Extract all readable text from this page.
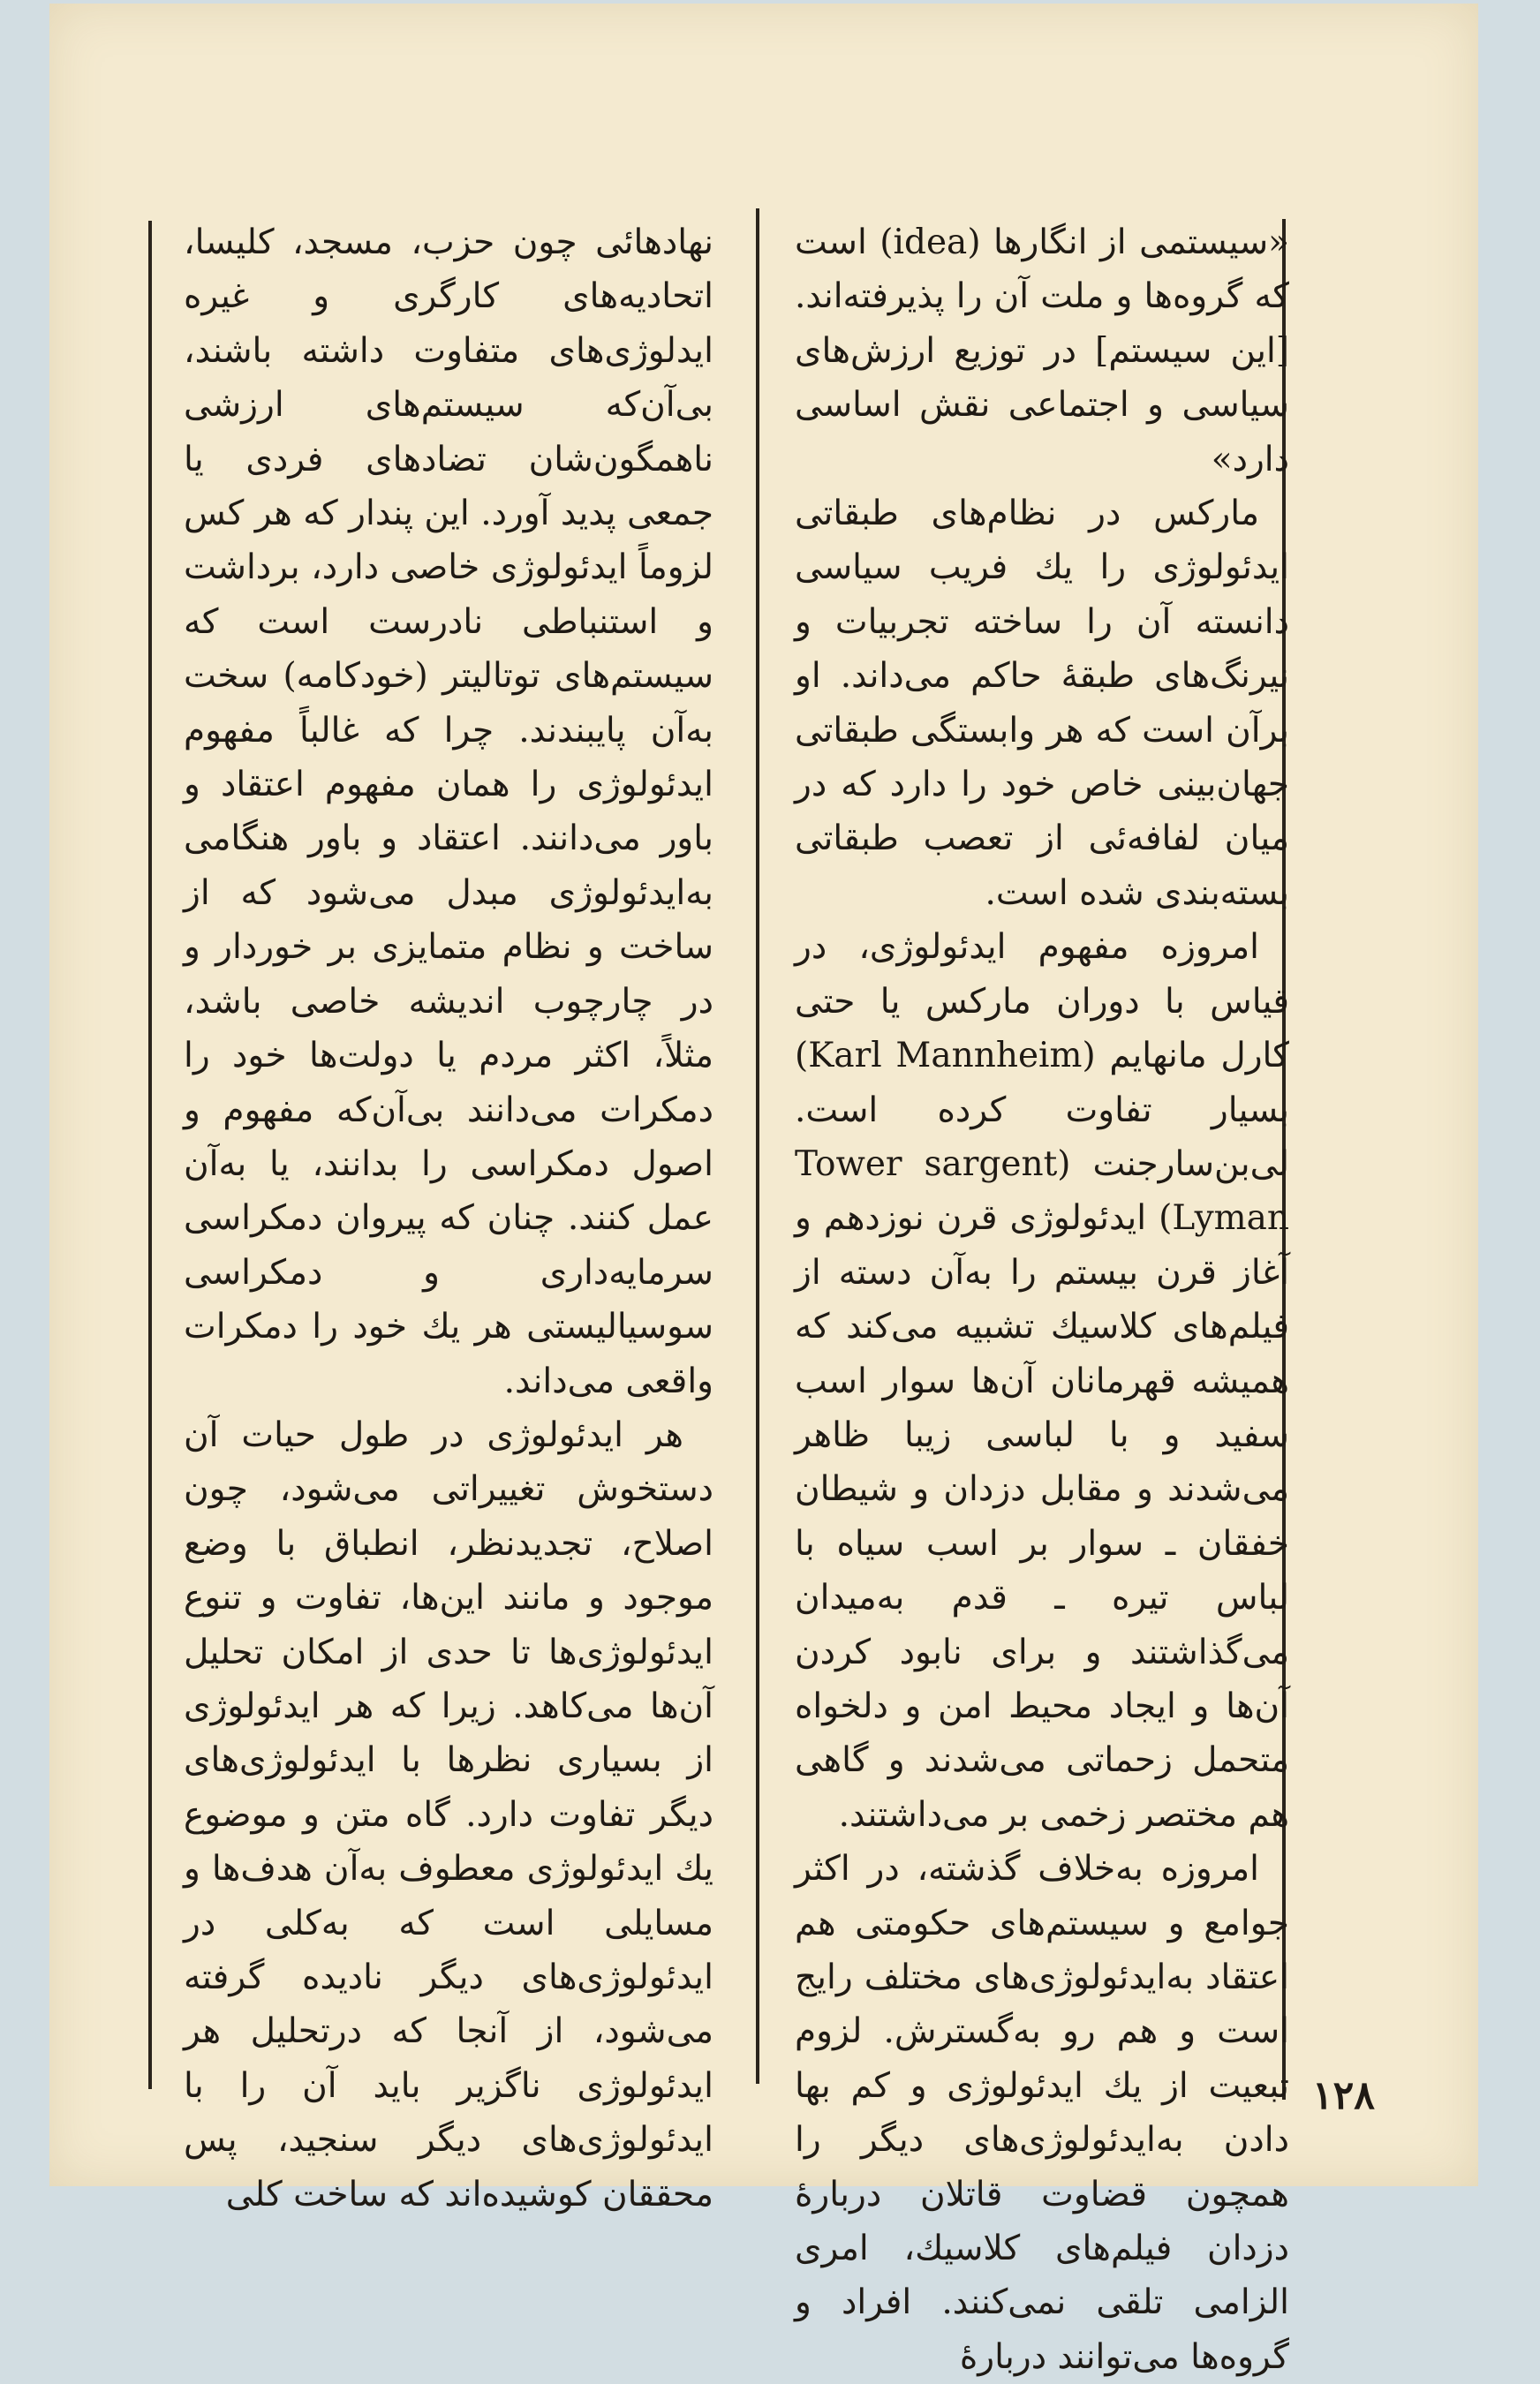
«سیستمی از انگارها (idea) است که گروه‌ها و ملت آن را پذیرفته‌اند. [این سیستم] در توزیع ارزش‌های سیاسی و اجتماعی نقش اساسی دارد»

مارکس در نظام‌های طبقاتی ایدئولوژی را یك فریب سیاسی دانسته آن را ساخته تجربیات و نیرنگ‌های طبقهٔ حاکم می‌داند. او برآن است که هر وابستگی طبقاتی جهان‌بینی خاص خود را دارد که در میان لفافه‌ئی از تعصب طبقاتی بسته‌بندی شده است.

امروزه مفهوم ایدئولوژی، در قیاس با دوران مارکس یا حتی کارل مانهایم (Karl Mannheim) بسیار تفاوت کرده است. لی‌بن‌سارجنت (Tower sargent Lyman) ایدئولوژی قرن نوزدهم و آغاز قرن بیستم را به‌آن دسته از فیلم‌های کلاسیك تشبیه می‌کند که همیشه قهرمانان آن‌ها سوار اسب سفید و با لباسی زیبا ظاهر می‌شدند و مقابل دزدان و شیطان خفقان ـ سوار بر اسب سیاه با لباس تیره ـ قدم به‌میدان می‌گذاشتند و برای نابود کردن آن‌ها و ایجاد محیط امن و دلخواه متحمل زحماتی می‌شدند و گاهی هم مختصر زخمی بر می‌داشتند.

امروزه به‌خلاف گذشته، در اکثر جوامع و سیستم‌های حکومتی هم اعتقاد به‌ایدئولوژی‌های مختلف رایج است و هم رو به‌گسترش. لزوم تبعیت از یك ایدئولوژی و کم بها دادن به‌ایدئولوژی‌های دیگر را همچون قضاوت قاتلان دربارهٔ دزدان فیلم‌های کلاسیك، امری الزامی تلقی نمی‌کنند. افراد و گروه‌ها می‌توانند دربارهٔ

نهادهائی چون حزب، مسجد، کلیسا، اتحادیه‌های کارگری و غیره ایدلوژی‌های متفاوت داشته باشند، بی‌آن‌که سیستم‌های ارزشی ناهمگون‌شان تضادهای فردی یا جمعی پدید آورد. این پندار که هر کس لزوماً ایدئولوژی خاصی دارد، برداشت و استنباطی نادرست است که سیستم‌های توتالیتر (خودکامه) سخت به‌آن پایبندند. چرا که غالباً مفهوم ایدئولوژی را همان مفهوم اعتقاد و باور می‌دانند. اعتقاد و باور هنگامی به‌ایدئولوژی مبدل می‌شود که از ساخت و نظام متمایزی بر خوردار و در چارچوب اندیشه خاصی باشد، مثلاً، اکثر مردم یا دولت‌ها خود را دمکرات می‌دانند بی‌آن‌که مفهوم و اصول دمکراسی را بدانند، یا به‌آن عمل کنند. چنان که پیروان دمکراسی سرمایه‌داری و دمکراسی سوسیالیستی هر یك خود را دمکرات واقعی می‌داند.

هر ایدئولوژی در طول حیات آن دستخوش تغییراتی می‌شود، چون اصلاح، تجدیدنظر، انطباق با وضع موجود و مانند این‌ها، تفاوت و تنوع ایدئولوژی‌ها تا حدی از امکان تحلیل آن‌ها می‌کاهد. زیرا که هر ایدئولوژی از بسیاری نظرها با ایدئولوژی‌های دیگر تفاوت دارد. گاه متن و موضوع یك ایدئولوژی معطوف به‌آن هدف‌ها و مسایلی است که به‌کلی در ایدئولوژی‌های دیگر نادیده گرفته می‌شود، از آنجا که درتحلیل هر ایدئولوژی ناگزیر باید آن را با ایدئولوژی‌های دیگر سنجید، پس محققان کوشیده‌اند که ساخت کلی

۱۲۸
